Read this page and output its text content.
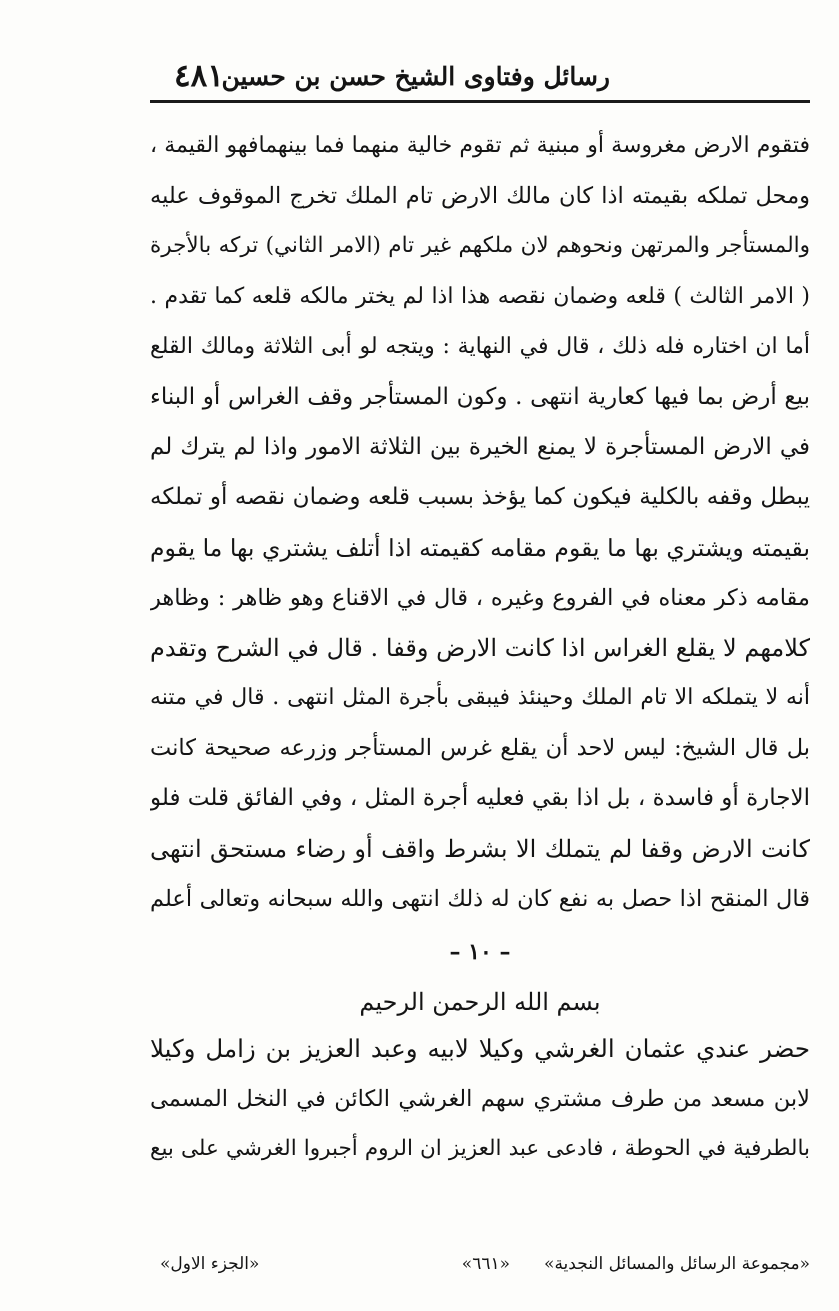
رسائل وفتاوى الشيخ حسن بن حسين
٤٨١
فتقوم الارض مغروسة أو مبنية ثم تقوم خالية منهما فما بينهمافهو القيمة ،
ومحل تملكه بقيمته اذا كان مالك الارض تام الملك تخرج الموقوف عليه
والمستأجر والمرتهن ونحوهم لان ملكهم غير تام (الامر الثاني) تركه بالأجرة
( الامر الثالث ) قلعه وضمان نقصه هذا اذا لم يختر مالكه قلعه كما تقدم .
أما ان اختاره فله ذلك ، قال في النهاية : ويتجه لو أبى الثلاثة ومالك القلع
بيع أرض بما فيها كعارية انتهى . وكون المستأجر وقف الغراس أو البناء
في الارض المستأجرة لا يمنع الخيرة بين الثلاثة الامور واذا لم يترك لم
يبطل وقفه بالكلية فيكون كما يؤخذ بسبب قلعه وضمان نقصه أو تملكه
بقيمته ويشتري بها ما يقوم مقامه كقيمته اذا أتلف يشتري بها ما يقوم
مقامه ذكر معناه في الفروع وغيره ، قال في الاقناع وهو ظاهر : وظاهر
كلامهم لا يقلع الغراس اذا كانت الارض وقفا . قال في الشرح وتقدم
أنه لا يتملكه الا تام الملك وحينئذ فيبقى بأجرة المثل انتهى . قال في متنه
بل قال الشيخ: ليس لاحد أن يقلع غرس المستأجر وزرعه صحيحة كانت
الاجارة أو فاسدة ، بل اذا بقي فعليه أجرة المثل ، وفي الفائق قلت فلو
كانت الارض وقفا لم يتملك الا بشرط واقف أو رضاء مستحق انتهى
قال المنقح اذا حصل به نفع كان له ذلك انتهى والله سبحانه وتعالى أعلم
– ١٠ –
بسم الله الرحمن الرحيم
حضر عندي عثمان الغرشي وكيلا لابيه وعبد العزيز بن زامل وكيلا
لابن مسعد من طرف مشتري سهم الغرشي الكائن في النخل المسمى
بالطرفية في الحوطة ، فادعى عبد العزيز ان الروم أجبروا الغرشي على بيع
«مجموعة الرسائل والمسائل النجدية»
«٦٦١»
«الجزء الاول»
